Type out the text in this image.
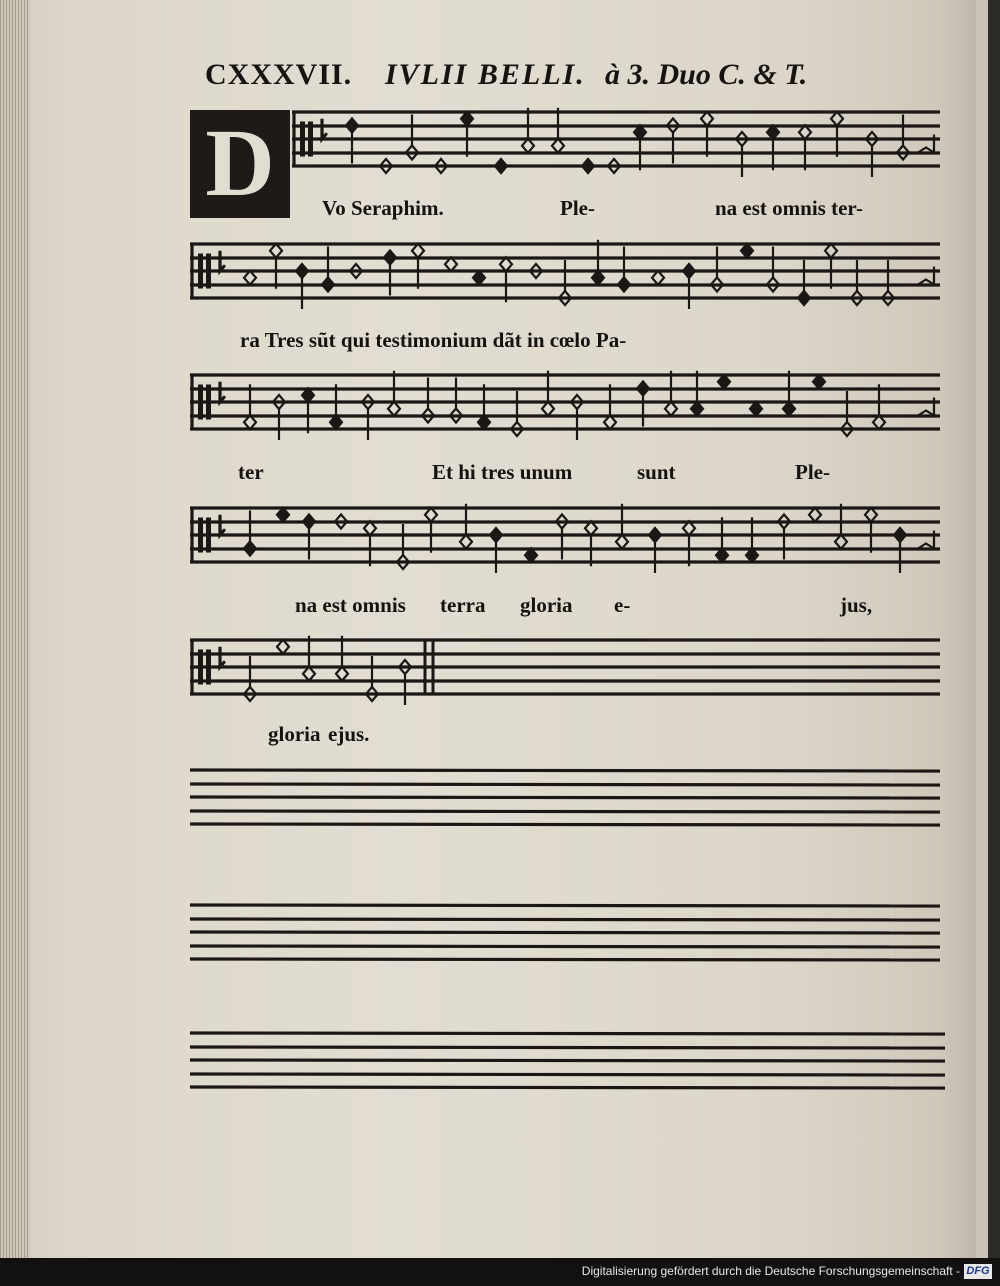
CXXXVII. IVLII BELLI. à 3. Duo C. & T.
D	Vo Seraphim.	Ple-	na est omnis ter-
ra Tres sũt qui testimonium dãt in cœlo Pa-
ter	Et hi tres unum	sunt	Ple-
na est omnis terra gloria e-	jus,
gloria ejus.
Digitalisierung gefördert durch die Deutsche Forschungsgemeinschaft - DFG
